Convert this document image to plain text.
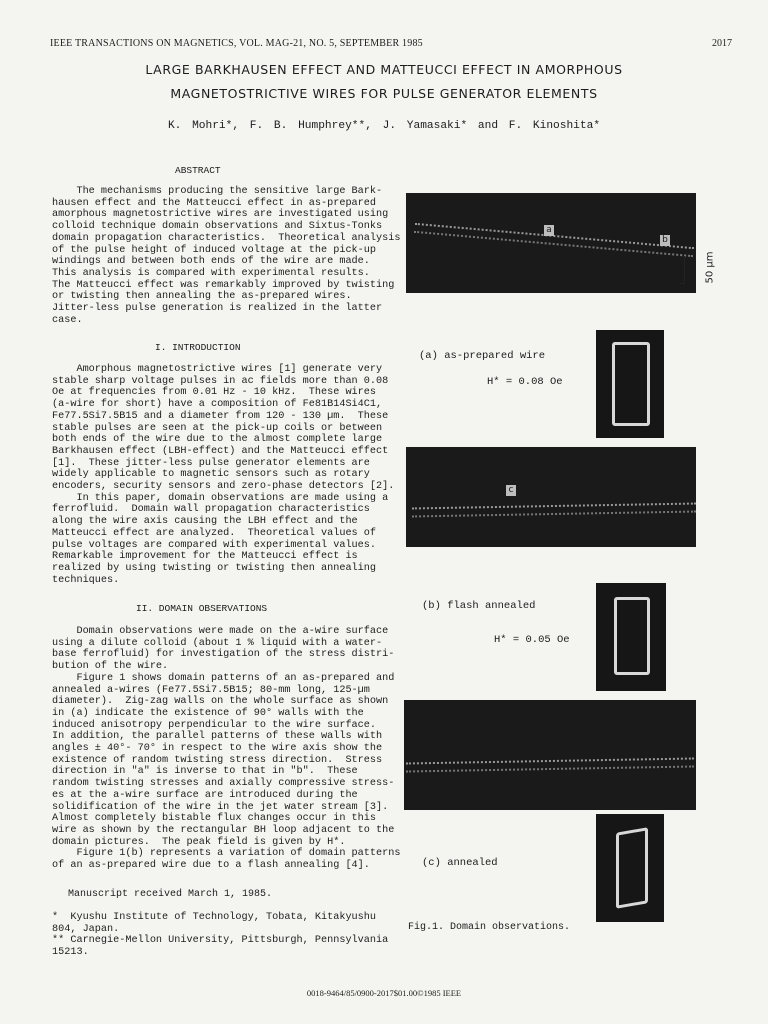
IEEE TRANSACTIONS ON MAGNETICS, VOL. MAG-21, NO. 5, SEPTEMBER 1985	2017
LARGE BARKHAUSEN EFFECT AND MATTEUCCI EFFECT IN AMORPHOUS
MAGNETOSTRICTIVE WIRES FOR PULSE GENERATOR ELEMENTS
K. Mohri*, F. B. Humphrey**, J. Yamasaki* and F. Kinoshita*
ABSTRACT
The mechanisms producing the sensitive large Bark-
hausen effect and the Matteucci effect in as-prepared
amorphous magnetostrictive wires are investigated using
colloid technique domain observations and Sixtus-Tonks
domain propagation characteristics.  Theoretical analysis
of the pulse height of induced voltage at the pick-up
windings and between both ends of the wire are made.
This analysis is compared with experimental results.
The Matteucci effect was remarkably improved by twisting
or twisting then annealing the as-prepared wires.
Jitter-less pulse generation is realized in the latter
case.
I. INTRODUCTION
Amorphous magnetostrictive wires [1] generate very
stable sharp voltage pulses in ac fields more than 0.08
Oe at frequencies from 0.01 Hz - 10 kHz.  These wires
(a-wire for short) have a composition of Fe81B14Si4C1,
Fe77.5Si7.5B15 and a diameter from 120 - 130 µm.  These
stable pulses are seen at the pick-up coils or between
both ends of the wire due to the almost complete large
Barkhausen effect (LBH-effect) and the Matteucci effect
[1].  These jitter-less pulse generator elements are
widely applicable to magnetic sensors such as rotary
encoders, security sensors and zero-phase detectors [2].
In this paper, domain observations are made using a
ferrofluid.  Domain wall propagation characteristics
along the wire axis causing the LBH effect and the
Matteucci effect are analyzed.  Theoretical values of
pulse voltages are compared with experimental values.
Remarkable improvement for the Matteucci effect is
realized by using twisting or twisting then annealing
techniques.
II. DOMAIN OBSERVATIONS
Domain observations were made on the a-wire surface
using a dilute colloid (about 1 % liquid with a water-
base ferrofluid) for investigation of the stress distri-
bution of the wire.
Figure 1 shows domain patterns of an as-prepared and
annealed a-wires (Fe77.5Si7.5B15; 80-mm long, 125-µm
diameter).  Zig-zag walls on the whole surface as shown
in (a) indicate the existence of 90° walls with the
induced anisotropy perpendicular to the wire surface.
In addition, the parallel patterns of these walls with
angles ± 40°- 70° in respect to the wire axis show the
existence of random twisting stress direction.  Stress
direction in "a" is inverse to that in "b".  These
random twisting stresses and axially compressive stress-
es at the a-wire surface are introduced during the
solidification of the wire in the jet water stream [3].
Almost completely bistable flux changes occur in this
wire as shown by the rectangular BH loop adjacent to the
domain pictures.  The peak field is given by H*.
Figure 1(b) represents a variation of domain patterns
of an as-prepared wire due to a flash annealing [4].
Manuscript received March 1, 1985.
*  Kyushu Institute of Technology, Tobata, Kitakyushu
804, Japan.
** Carnegie-Mellon University, Pittsburgh, Pennsylvania
15213.
0018-9464/85/0900-2017$01.00©1985 IEEE
a
b
50 µm
(a) as-prepared wire
H* = 0.08 Oe
c
(b) flash annealed
H* = 0.05 Oe
(c) annealed
Fig.1. Domain observations.
